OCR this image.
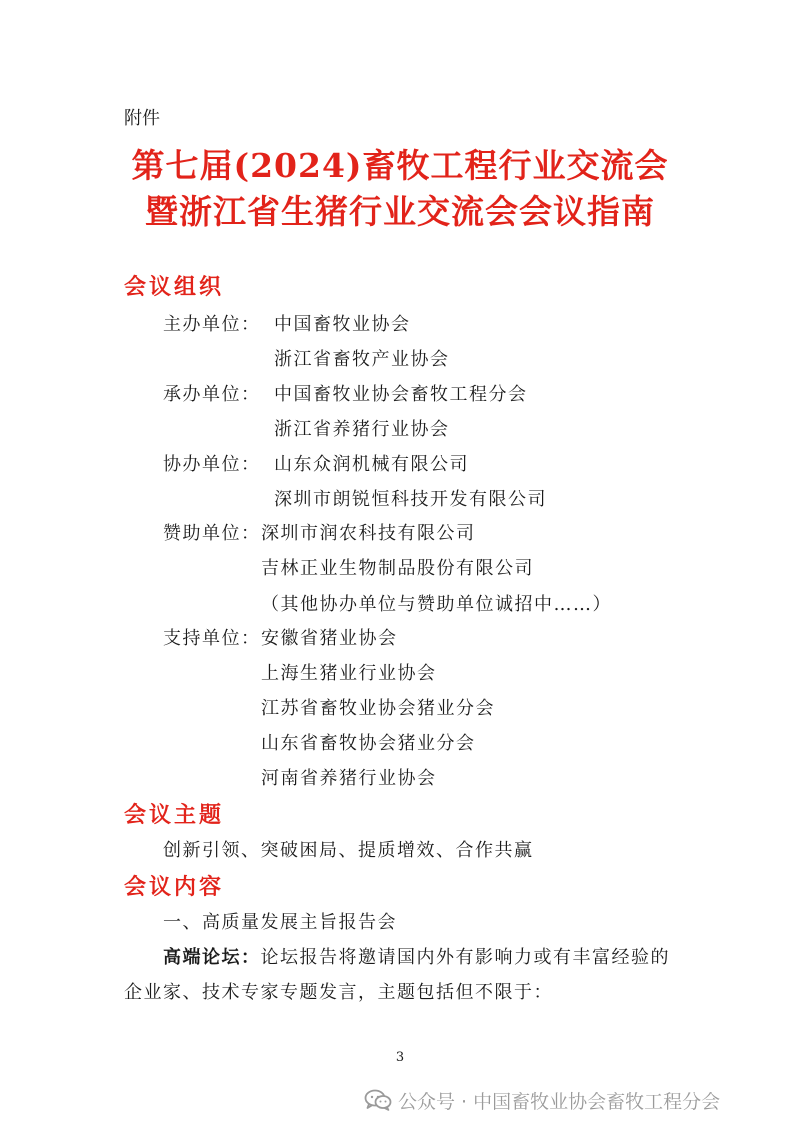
附件
第七届(2024)畜牧工程行业交流会
暨浙江省生猪行业交流会会议指南
会议组织
主办单位： 中国畜牧业协会
浙江省畜牧产业协会
承办单位： 中国畜牧业协会畜牧工程分会
浙江省养猪行业协会
协办单位： 山东众润机械有限公司
深圳市朗锐恒科技开发有限公司
赞助单位： 深圳市润农科技有限公司
吉林正业生物制品股份有限公司
（其他协办单位与赞助单位诚招中……）
支持单位： 安徽省猪业协会
上海生猪业行业协会
江苏省畜牧业协会猪业分会
山东省畜牧协会猪业分会
河南省养猪行业协会
会议主题
创新引领、突破困局、提质增效、合作共赢
会议内容
一、高质量发展主旨报告会
高端论坛：论坛报告将邀请国内外有影响力或有丰富经验的
企业家、技术专家专题发言，主题包括但不限于：
3
公众号 · 中国畜牧业协会畜牧工程分会
